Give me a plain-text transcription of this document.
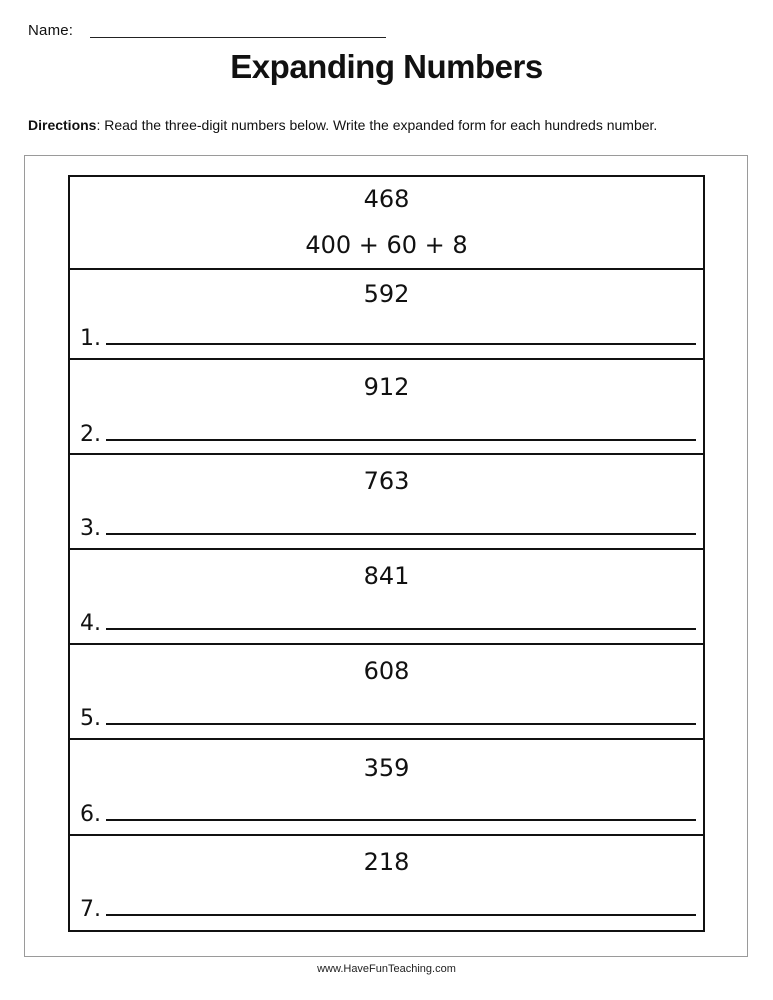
Name:
Expanding Numbers
Directions: Read the three-digit numbers below. Write the expanded form for each hundreds number.
468
400 + 60 + 8
592
1.
912
2.
763
3.
841
4.
608
5.
359
6.
218
7.
www.HaveFunTeaching.com
